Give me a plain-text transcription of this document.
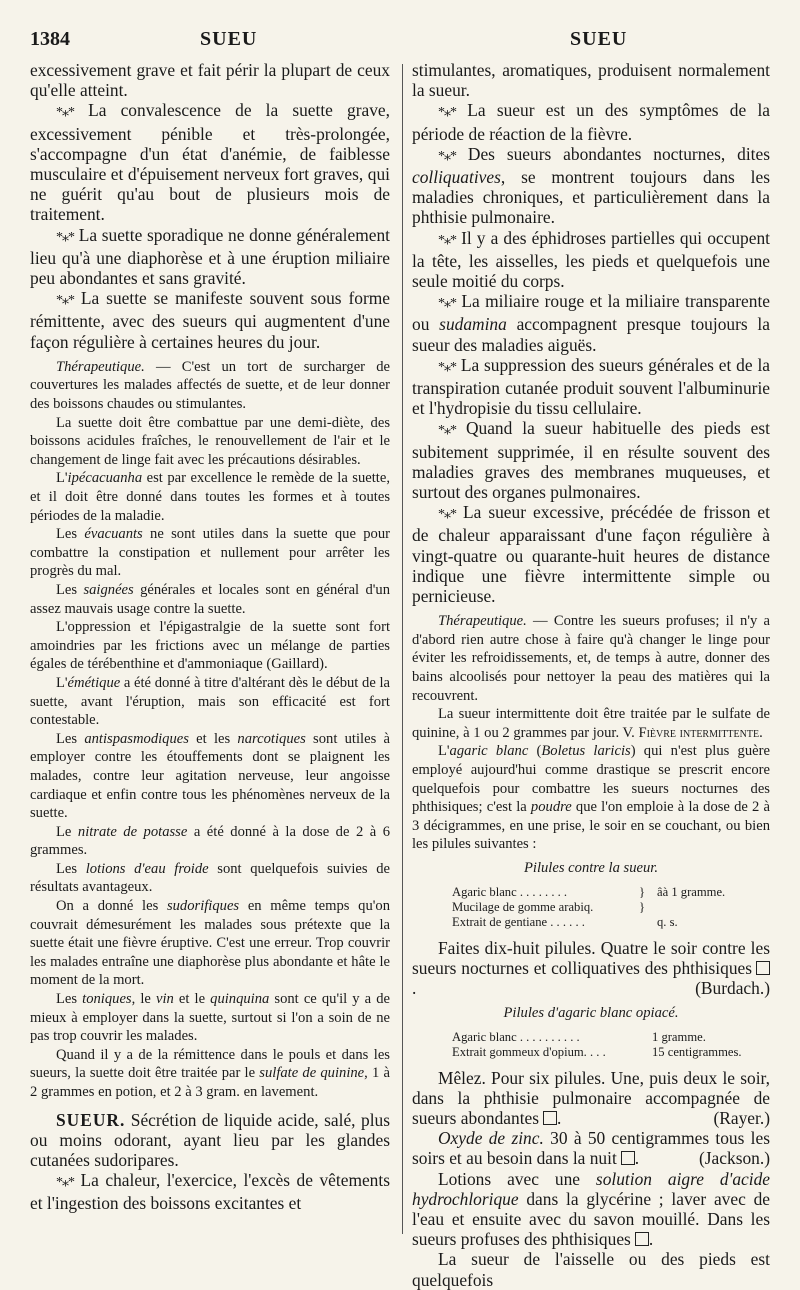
1384	SUEU	SUEU

excessivement grave et fait périr la plupart de ceux qu'elle atteint.

*⁎* La convalescence de la suette grave, excessivement pénible et très-prolongée, s'accompagne d'un état d'anémie, de faiblesse musculaire et d'épuisement nerveux fort graves, qui ne guérit qu'au bout de plusieurs mois de traitement.

*⁎* La suette sporadique ne donne généralement lieu qu'à une diaphorèse et à une éruption miliaire peu abondantes et sans gravité.

*⁎* La suette se manifeste souvent sous forme rémittente, avec des sueurs qui augmentent d'une façon régulière à certaines heures du jour.

Thérapeutique. — C'est un tort de surcharger de couvertures les malades affectés de suette, et de leur donner des boissons chaudes ou stimulantes.

La suette doit être combattue par une demi-diète, des boissons acidules fraîches, le renouvellement de l'air et le changement de linge fait avec les précautions désirables.

L'ipécacuanha est par excellence le remède de la suette, et il doit être donné dans toutes les formes et à toutes périodes de la maladie.

Les évacuants ne sont utiles dans la suette que pour combattre la constipation et nullement pour arrêter les progrès du mal.

Les saignées générales et locales sont en général d'un assez mauvais usage contre la suette.

L'oppression et l'épigastralgie de la suette sont fort amoindries par les frictions avec un mélange de parties égales de térébenthine et d'ammoniaque (Gaillard).

L'émétique a été donné à titre d'altérant dès le début de la suette, avant l'éruption, mais son efficacité est fort contestable.

Les antispasmodiques et les narcotiques sont utiles à employer contre les étouffements dont se plaignent les malades, contre leur agitation nerveuse, leur angoisse cardiaque et enfin contre tous les phénomènes nerveux de la suette.

Le nitrate de potasse a été donné à la dose de 2 à 6 grammes.

Les lotions d'eau froide sont quelquefois suivies de résultats avantageux.

On a donné les sudorifiques en même temps qu'on couvrait démesurément les malades sous prétexte que la suette était une fièvre éruptive. C'est une erreur. Trop couvrir les malades entraîne une diaphorèse plus abondante et hâte le moment de la mort.

Les toniques, le vin et le quinquina sont ce qu'il y a de mieux à employer dans la suette, surtout si l'on a soin de ne pas trop couvrir les malades.

Quand il y a de la rémittence dans le pouls et dans les sueurs, la suette doit être traitée par le sulfate de quinine, 1 à 2 grammes en potion, et 2 à 3 gram. en lavement.

SUEUR. Sécrétion de liquide acide, salé, plus ou moins odorant, ayant lieu par les glandes cutanées sudoripares.

*⁎* La chaleur, l'exercice, l'excès de vêtements et l'ingestion des boissons excitantes et

stimulantes, aromatiques, produisent normalement la sueur.

*⁎* La sueur est un des symptômes de la période de réaction de la fièvre.

*⁎* Des sueurs abondantes nocturnes, dites colliquatives, se montrent toujours dans les maladies chroniques, et particulièrement dans la phthisie pulmonaire.

*⁎* Il y a des éphidroses partielles qui occupent la tête, les aisselles, les pieds et quelquefois une seule moitié du corps.

*⁎* La miliaire rouge et la miliaire transparente ou sudamina accompagnent presque toujours la sueur des maladies aiguës.

*⁎* La suppression des sueurs générales et de la transpiration cutanée produit souvent l'albuminurie et l'hydropisie du tissu cellulaire.

*⁎* Quand la sueur habituelle des pieds est subitement supprimée, il en résulte souvent des maladies graves des membranes muqueuses, et surtout des organes pulmonaires.

*⁎* La sueur excessive, précédée de frisson et de chaleur apparaissant d'une façon régulière à vingt-quatre ou quarante-huit heures de distance indique une fièvre intermittente simple ou pernicieuse.

Thérapeutique. — Contre les sueurs profuses; il n'y a d'abord rien autre chose à faire qu'à changer le linge pour éviter les refroidissements, et, de temps à autre, donner des bains alcoolisés pour nettoyer la peau des matières qui la recouvrent.

La sueur intermittente doit être traitée par le sulfate de quinine, à 1 ou 2 grammes par jour. V. Fièvre intermittente.

L'agaric blanc (Boletus laricis) qui n'est plus guère employé aujourd'hui comme drastique se prescrit encore quelquefois pour combattre les sueurs nocturnes des phthisiques; c'est la poudre que l'on emploie à la dose de 2 à 3 décigrammes, en une prise, le soir en se couchant, ou bien les pilules suivantes :

Pilules contre la sueur.
Agaric blanc . . . . . . . .	} âà 1 gramme.
Mucilage de gomme arabiq.	}
Extrait de gentiane . . . . . .	q. s.

Faites dix-huit pilules. Quatre le soir contre les sueurs nocturnes et colliquatives des phthisiques.	(Burdach.)

Pilules d'agaric blanc opiacé.
Agaric blanc . . . . . . . . . .	1 gramme.
Extrait gommeux d'opium. . . .	15 centigrammes.

Mêlez. Pour six pilules. Une, puis deux le soir, dans la phthisie pulmonaire accompagnée de sueurs abondantes .	(Rayer.)

Oxyde de zinc. 30 à 50 centigrammes tous les soirs et au besoin dans la nuit .	(Jackson.)

Lotions avec une solution aigre d'acide hydrochlorique dans la glycérine ; laver avec de l'eau et ensuite avec du savon mouillé. Dans les sueurs profuses des phthisiques .

La sueur de l'aisselle ou des pieds est quelquefois
